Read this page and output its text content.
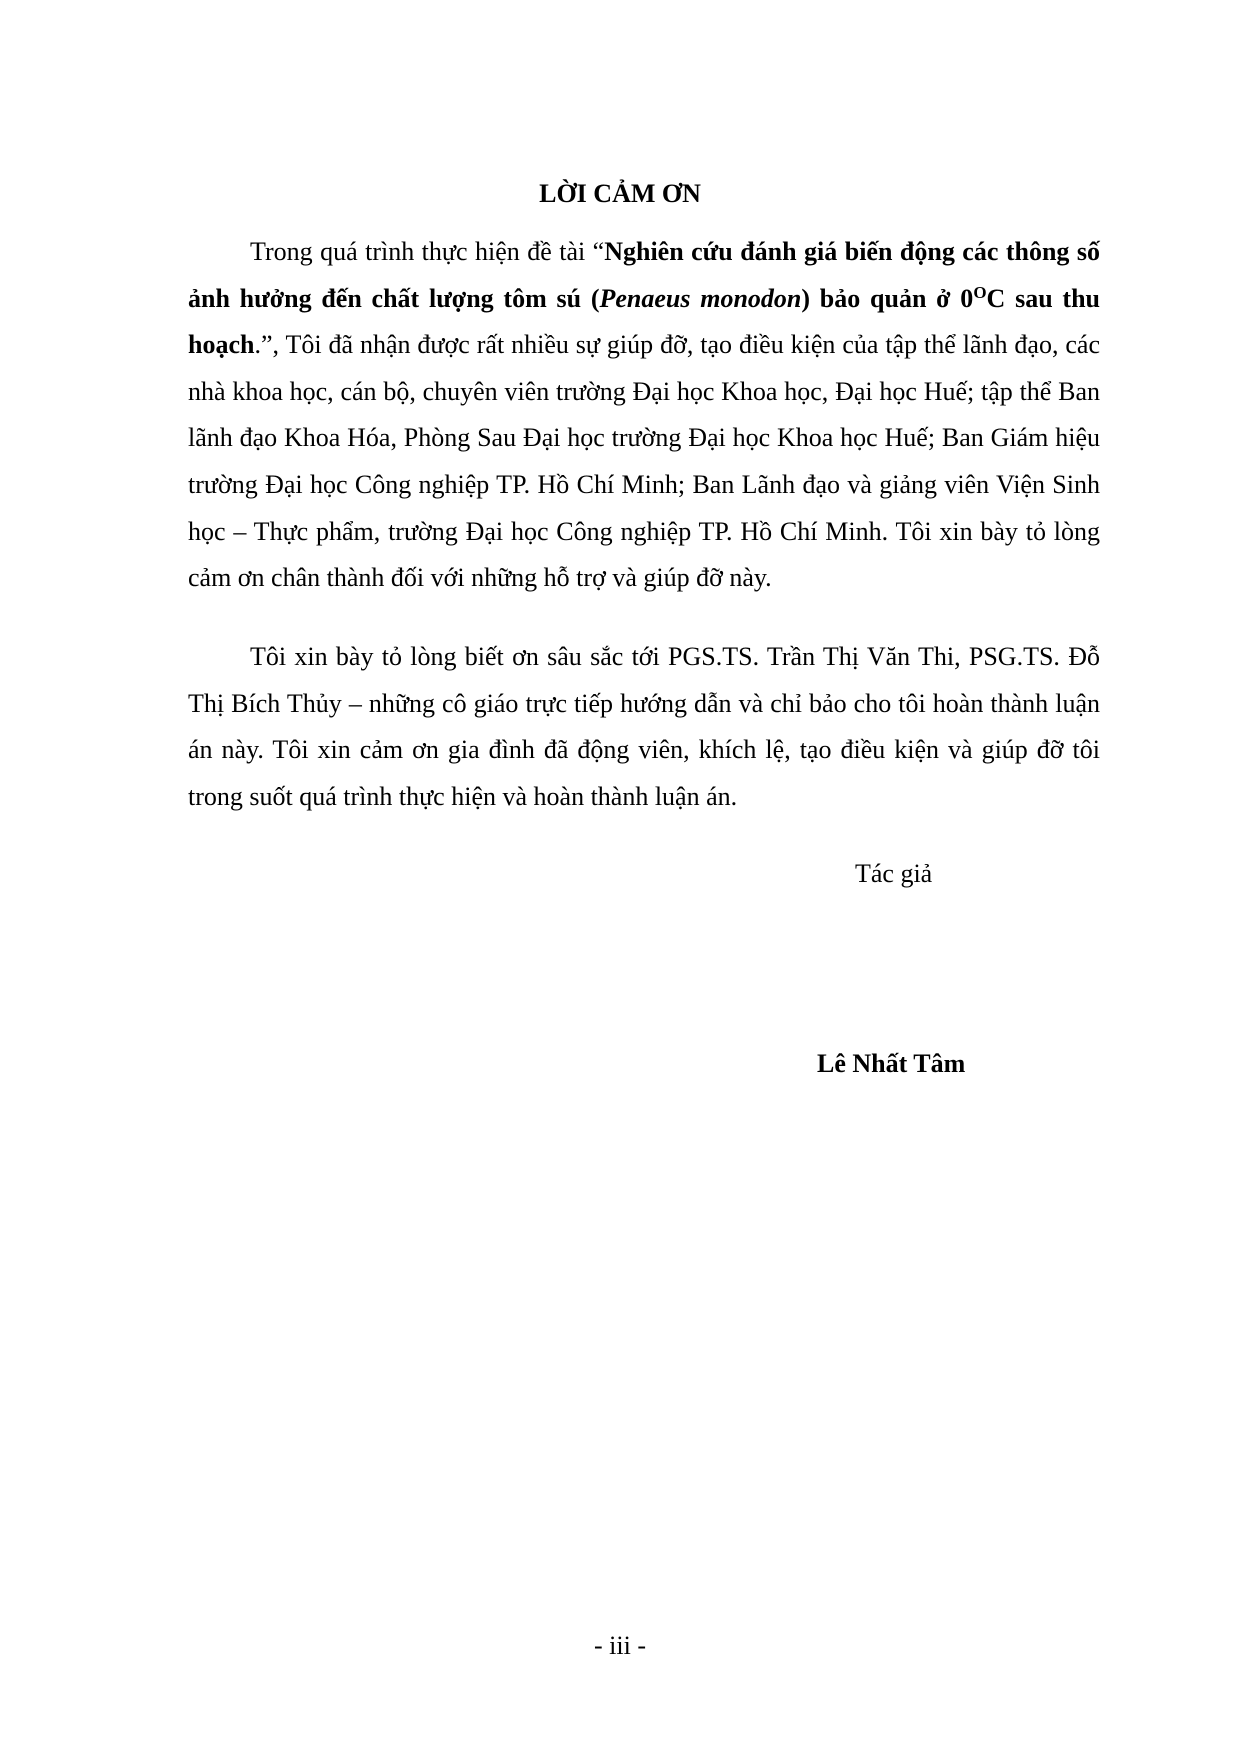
LỜI CẢM ƠN

Trong quá trình thực hiện đề tài “Nghiên cứu đánh giá biến động các thông số ảnh hưởng đến chất lượng tôm sú (Penaeus monodon) bảo quản ở $0^OC$ sau thu hoạch.”, Tôi đã nhận được rất nhiều sự giúp đỡ, tạo điều kiện của tập thể lãnh đạo, các nhà khoa học, cán bộ, chuyên viên trường Đại học Khoa học, Đại học Huế; tập thể Ban lãnh đạo Khoa Hóa, Phòng Sau Đại học trường Đại học Khoa học Huế; Ban Giám hiệu trường Đại học Công nghiệp TP. Hồ Chí Minh; Ban Lãnh đạo và giảng viên Viện Sinh học – Thực phẩm, trường Đại học Công nghiệp TP. Hồ Chí Minh. Tôi xin bày tỏ lòng cảm ơn chân thành đối với những hỗ trợ và giúp đỡ này.

Tôi xin bày tỏ lòng biết ơn sâu sắc tới PGS.TS. Trần Thị Văn Thi, PSG.TS. Đỗ Thị Bích Thủy – những cô giáo trực tiếp hướng dẫn và chỉ bảo cho tôi hoàn thành luận án này. Tôi xin cảm ơn gia đình đã động viên, khích lệ, tạo điều kiện và giúp đỡ tôi trong suốt quá trình thực hiện và hoàn thành luận án.

Tác giả

Lê Nhất Tâm

- iii -
